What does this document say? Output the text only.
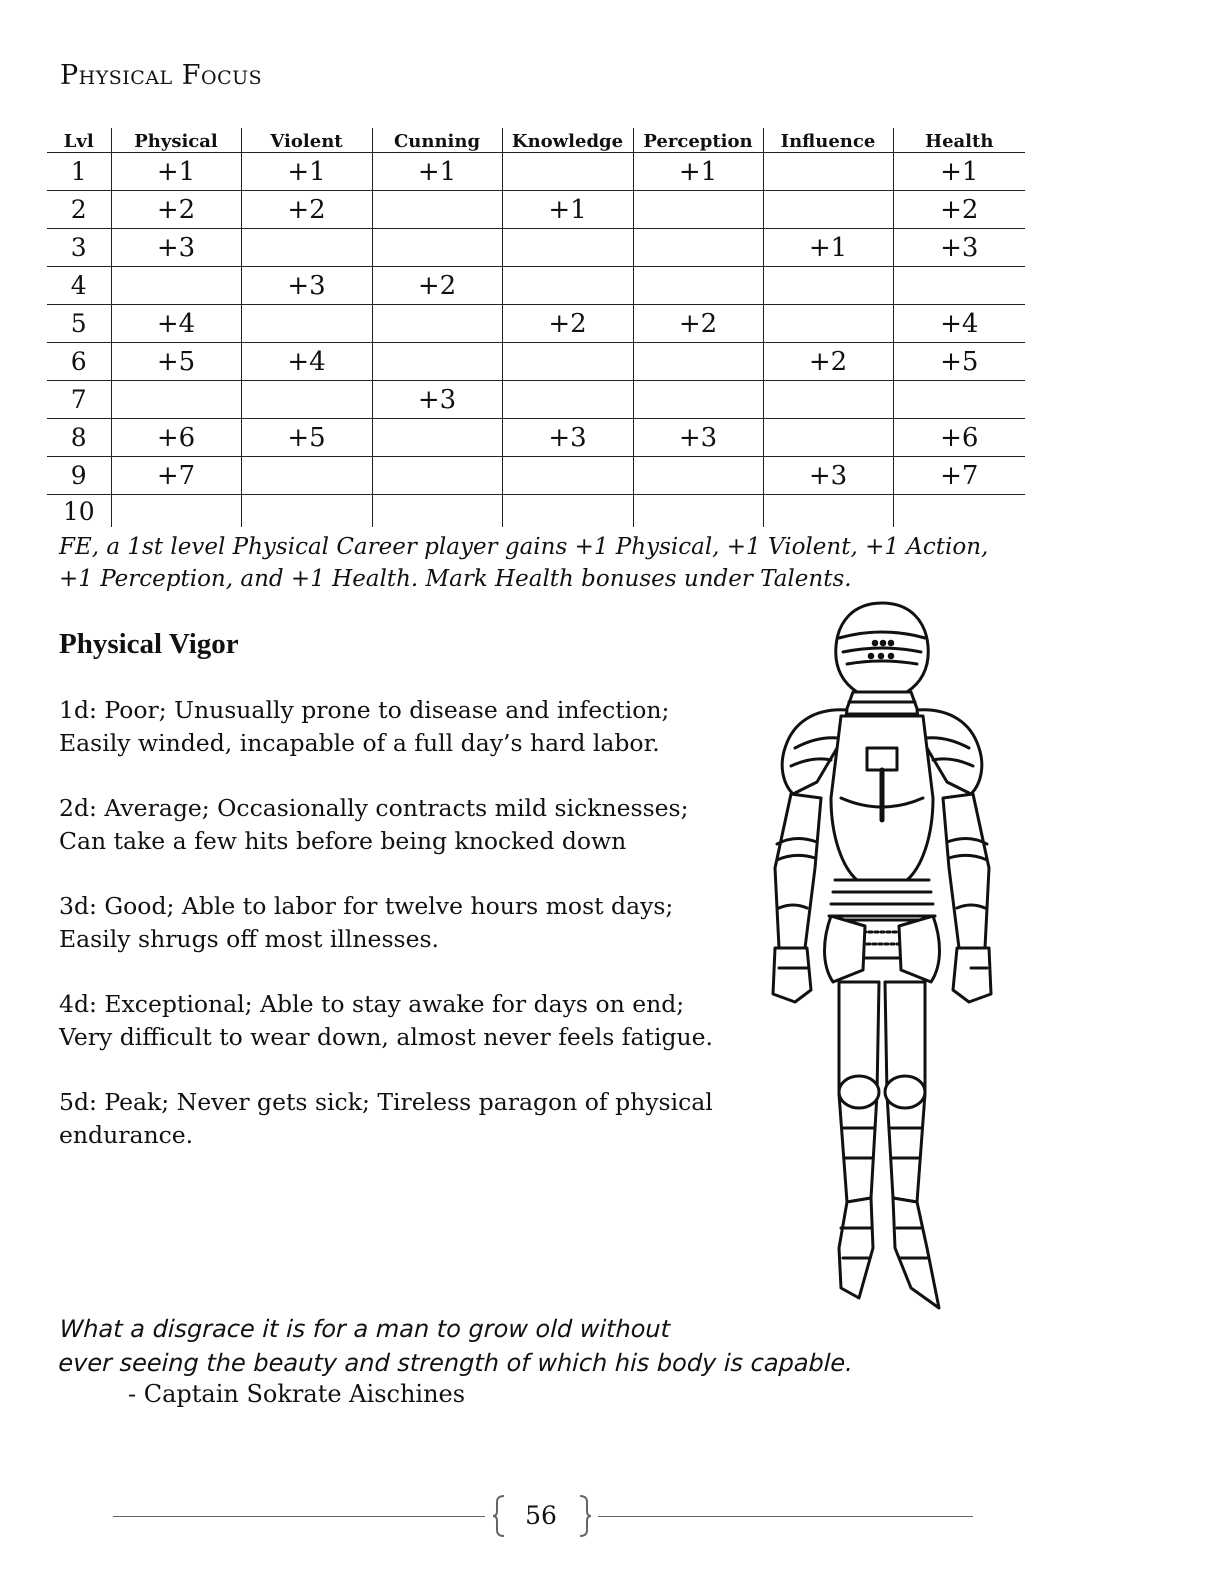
Physical Focus
Lvl	Physical	Violent	Cunning	Knowledge	Perception	Influence	Health
1	+1	+1	+1		+1		+1
2	+2	+2		+1			+2
3	+3					+1	+3
4		+3	+2				
5	+4			+2	+2		+4
6	+5	+4				+2	+5
7			+3				
8	+6	+5		+3	+3		+6
9	+7					+3	+7
10							
FE, a 1st level Physical Career player gains +1 Physical, +1 Violent, +1 Action, +1 Perception, and +1 Health. Mark Health bonuses under Talents.
Physical Vigor

1d: Poor; Unusually prone to disease and infection;
Easily winded, incapable of a full day’s hard labor.

2d: Average; Occasionally contracts mild sicknesses;
Can take a few hits before being knocked down

3d: Good; Able to labor for twelve hours most days;
Easily shrugs off most illnesses.

4d: Exceptional; Able to stay awake for days on end;
Very difficult to wear down, almost never feels fatigue.

5d: Peak; Never gets sick; Tireless paragon of physical
endurance.

What a disgrace it is for a man to grow old without
ever seeing the beauty and strength of which his body is capable.
- Captain Sokrate Aischines
56
